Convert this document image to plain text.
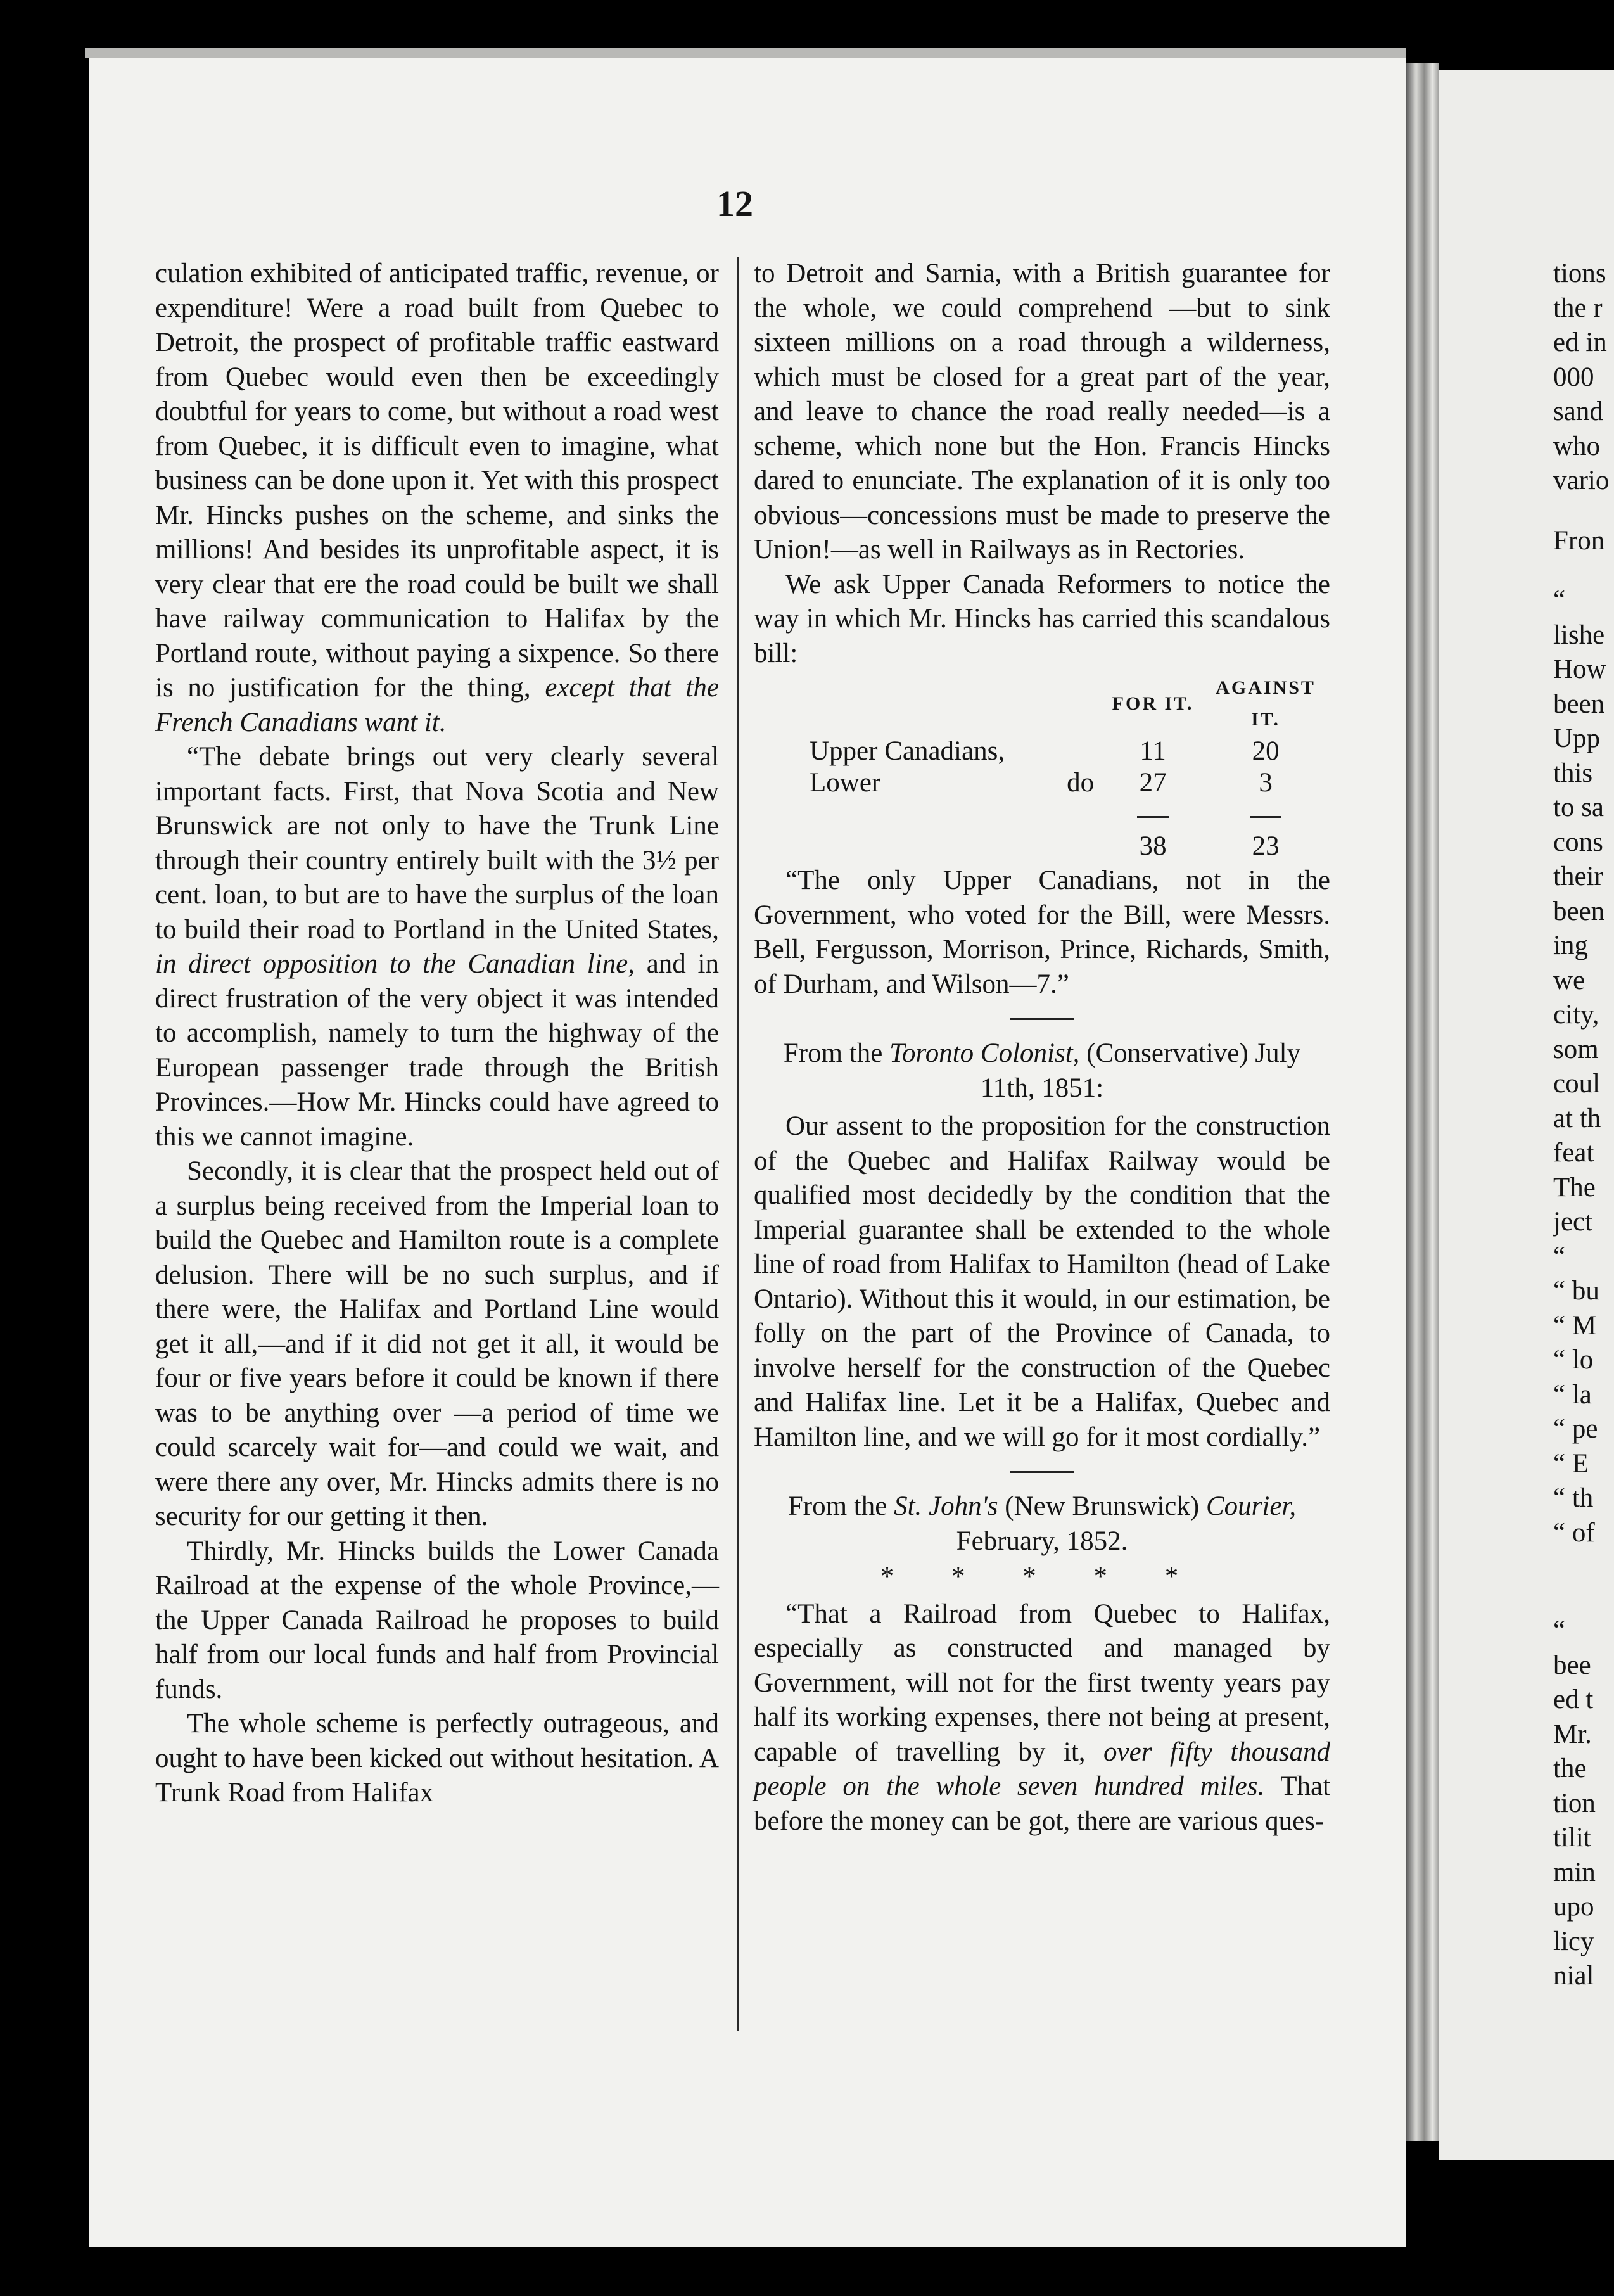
12

culation exhibited of anticipated traffic, revenue, or expenditure! Were a road built from Quebec to Detroit, the prospect of profitable traffic eastward from Quebec would even then be exceedingly doubtful for years to come, but without a road west from Quebec, it is difficult even to imagine, what business can be done upon it. Yet with this prospect Mr. Hincks pushes on the scheme, and sinks the millions! And besides its unprofitable aspect, it is very clear that ere the road could be built we shall have railway communication to Halifax by the Portland route, without paying a sixpence. So there is no justification for the thing, except that the French Canadians want it.

“The debate brings out very clearly several important facts. First, that Nova Scotia and New Brunswick are not only to have the Trunk Line through their country entirely built with the 3½ per cent. loan, to but are to have the surplus of the loan to build their road to Portland in the United States, in direct opposition to the Canadian line, and in direct frustration of the very object it was intended to accomplish, namely to turn the highway of the European passenger trade through the British Provinces.—How Mr. Hincks could have agreed to this we cannot imagine.

Secondly, it is clear that the prospect held out of a surplus being received from the Imperial loan to build the Quebec and Hamilton route is a complete delusion. There will be no such surplus, and if there were, the Halifax and Portland Line would get it all,—and if it did not get it all, it would be four or five years before it could be known if there was to be anything over —a period of time we could scarcely wait for—and could we wait, and were there any over, Mr. Hincks admits there is no security for our getting it then.

Thirdly, Mr. Hincks builds the Lower Canada Railroad at the expense of the whole Province,—the Upper Canada Railroad he proposes to build half from our local funds and half from Provincial funds.

The whole scheme is perfectly outrageous, and ought to have been kicked out without hesitation. A Trunk Road from Halifax

to Detroit and Sarnia, with a British guarantee for the whole, we could comprehend —but to sink sixteen millions on a road through a wilderness, which must be closed for a great part of the year, and leave to chance the road really needed—is a scheme, which none but the Hon. Francis Hincks dared to enunciate. The explanation of it is only too obvious—concessions must be made to preserve the Union!—as well in Railways as in Rectories.

We ask Upper Canada Reformers to notice the way in which Mr. Hincks has carried this scandalous bill:

		FOR IT.	AGAINST IT.
Upper Canadians,		11	20
Lower	do	27	3

		38	23

“The only Upper Canadians, not in the Government, who voted for the Bill, were Messrs. Bell, Fergusson, Morrison, Prince, Richards, Smith, of Durham, and Wilson—7.”

From the Toronto Colonist, (Conservative) July 11th, 1851:

Our assent to the proposition for the construction of the Quebec and Halifax Railway would be qualified most decidedly by the condition that the Imperial guarantee shall be extended to the whole line of road from Halifax to Hamilton (head of Lake Ontario). Without this it would, in our estimation, be folly on the part of the Province of Canada, to involve herself for the construction of the Quebec and Halifax line. Let it be a Halifax, Quebec and Hamilton line, and we will go for it most cordially.”

From the St. John's (New Brunswick) Courier, February, 1852.

* * * * *

“That a Railroad from Quebec to Halifax, especially as constructed and managed by Government, will not for the first twenty years pay half its working expenses, there not being at present, capable of travelling by it, over fifty thousand people on the whole seven hundred miles. That before the money can be got, there are various ques-

tions
the r
ed in
000
sand
who
vario
Fron
“
lishe
How
been
Upp
this
to sa
cons
their
been
ing
we
city,
som
coul
at th
feat
The
ject
“
“ bu
“ M
“ lo
“ la
“ pe
“ E
“ th
“ of
“
bee
ed t
Mr.
the
tion
tilit
min
upo
licy
nial
